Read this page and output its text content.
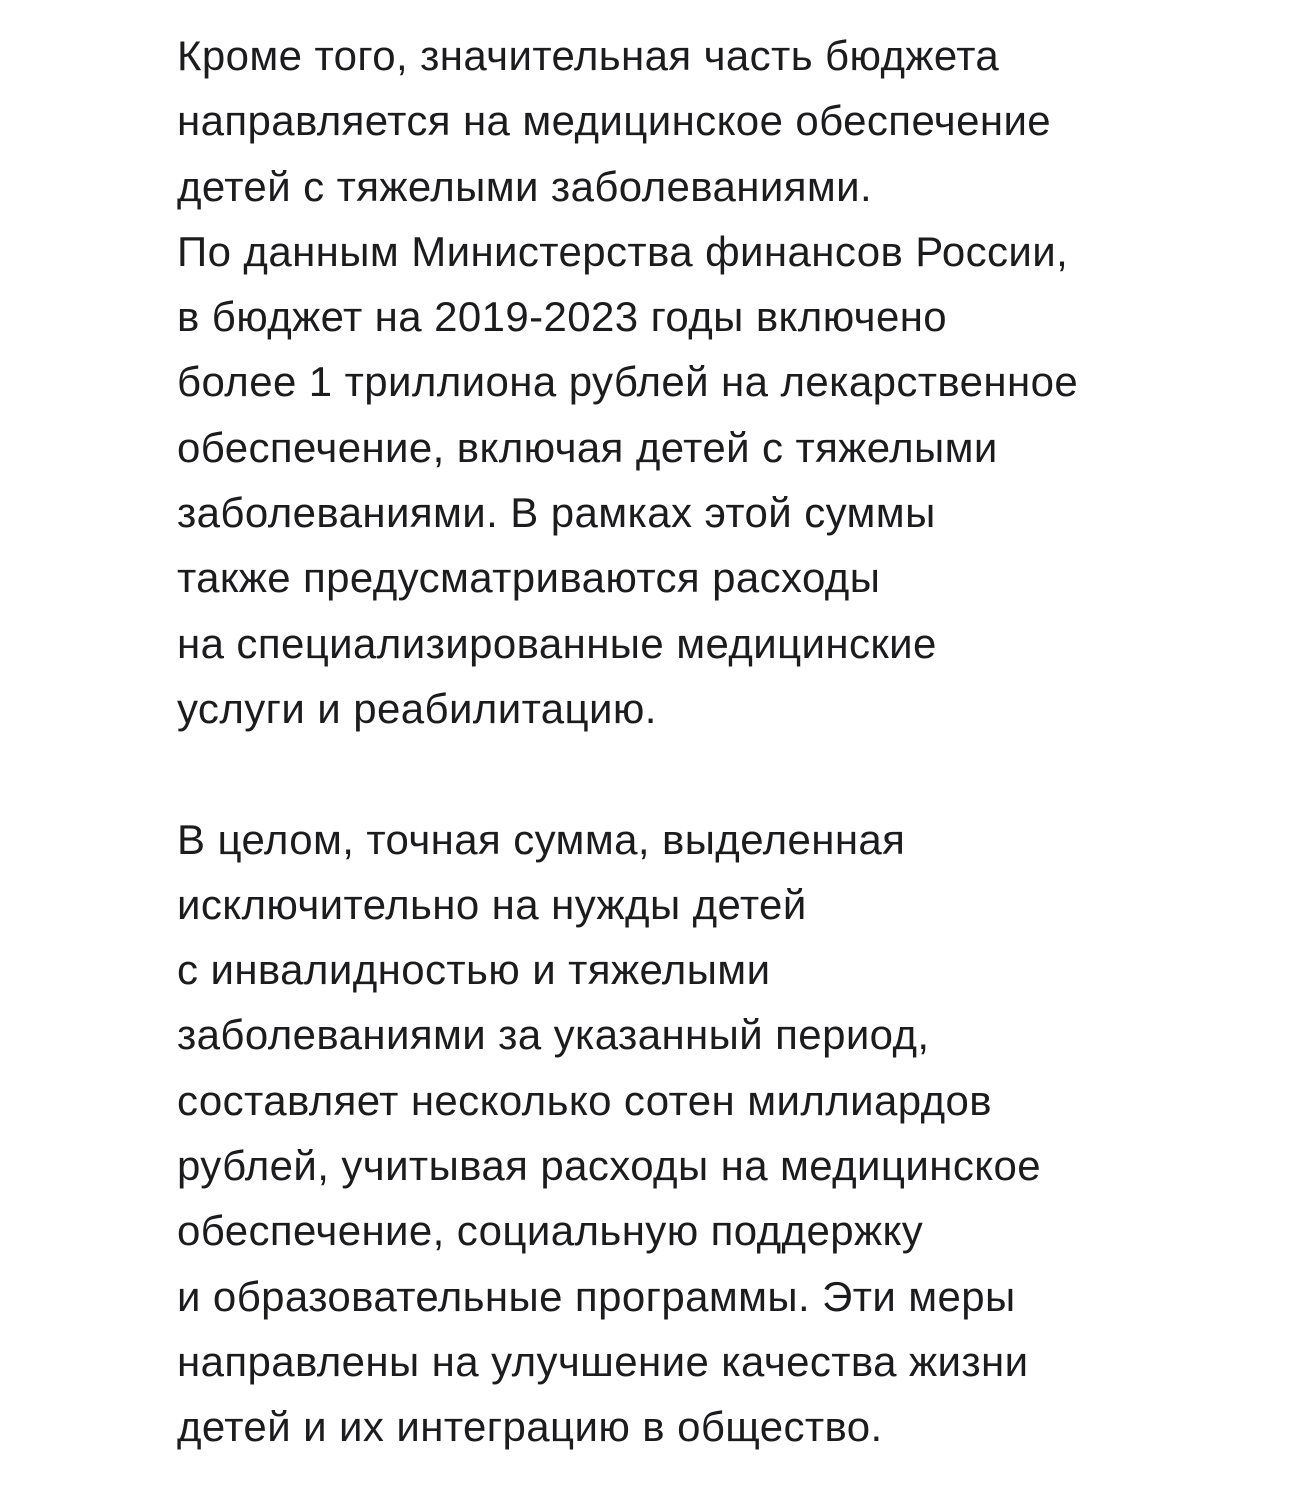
Кроме того, значительная часть бюджета
направляется на медицинское обеспечение
детей с тяжелыми заболеваниями.
По данным Министерства финансов России,
в бюджет на 2019-2023 годы включено
более 1 триллиона рублей на лекарственное
обеспечение, включая детей с тяжелыми
заболеваниями. В рамках этой суммы
также предусматриваются расходы
на специализированные медицинские
услуги и реабилитацию.
В целом, точная сумма, выделенная
исключительно на нужды детей
с инвалидностью и тяжелыми
заболеваниями за указанный период,
составляет несколько сотен миллиардов
рублей, учитывая расходы на медицинское
обеспечение, социальную поддержку
и образовательные программы. Эти меры
направлены на улучшение качества жизни
детей и их интеграцию в общество.
